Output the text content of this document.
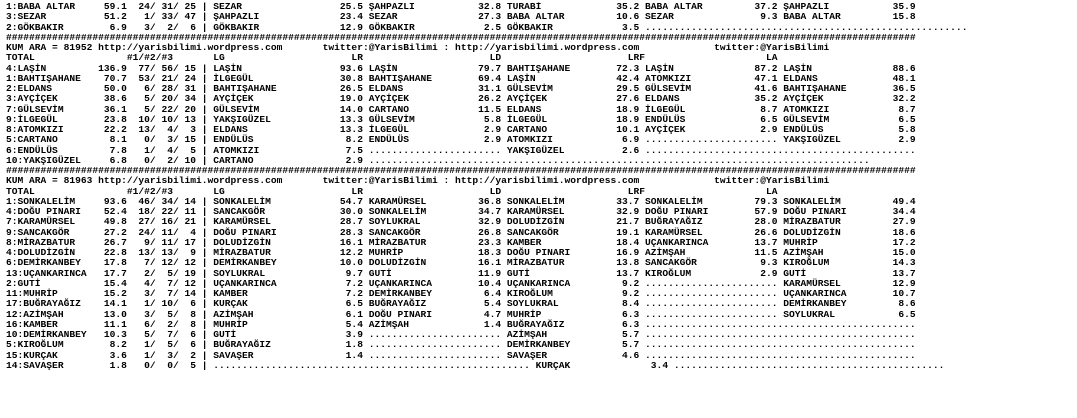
1:BABA ALTAR     59.1  24/ 31/ 25 | SEZAR                 25.5 ŞAHPAZLI           32.8 TURABİ             35.2 BABA ALTAR         37.2 ŞAHPAZLI           35.9
3:SEZAR          51.2   1/ 33/ 47 | ŞAHPAZLI              23.4 SEZAR              27.3 BABA ALTAR         10.6 SEZAR               9.3 BABA ALTAR         15.8
2:GÖKBAKIR        6.9   3/  2/  6 | GÖKBAKIR              12.9 GÖKBAKIR            2.5 GÖKBAKIR            3.5 ........................................................
##############################################################################################################################################################
KUM ARA = 81952 http://yarisbilimi.wordpress.com       twitter:@YarisBilimi : http://yarisbilimi.wordpress.com             twitter:@YarisBilimi
TOTAL                #1/#2/#3       LG                      LR                      LD                      LRF                     LA
4:LAŞİN         136.9  77/ 56/ 15 | LAŞİN                 93.6 LAŞİN              79.7 BAHTIŞAHANE        72.3 LAŞİN              87.2 LAŞİN              88.6
1:BAHTIŞAHANE    70.7  53/ 21/ 24 | İLGEGÜL               30.8 BAHTIŞAHANE        69.4 LAŞİN              42.4 ATOMKIZI           47.1 ELDANS             48.1
2:ELDANS         50.0   6/ 28/ 31 | BAHTIŞAHANE           26.5 ELDANS             31.1 GÜLSEVİM           29.5 GÜLSEVİM           41.6 BAHTIŞAHANE        36.5
3:AYÇİÇEK        38.6   5/ 20/ 34 | AYÇİÇEK               19.0 AYÇİÇEK            26.2 AYÇİÇEK            27.6 ELDANS             35.2 AYÇİÇEK            32.2
7:GÜLSEVİM       36.1   5/ 22/ 20 | GÜLSEVİM              14.0 CARTANO            11.5 ELDANS             18.9 İLGEGÜL             8.7 ATOMKIZI            8.7
9:İLGEGÜL        23.8  10/ 10/ 13 | YAKŞIGÜZEL            13.3 GÜLSEVİM            5.8 İLGEGÜL            18.9 ENDÜLÜS             6.5 GÜLSEVİM            6.5
8:ATOMKIZI       22.2  13/  4/  3 | ELDANS                13.3 İLGEGÜL             2.9 CARTANO            10.1 AYÇİÇEK             2.9 ENDÜLÜS             5.8
5:CARTANO         8.1   0/  3/ 15 | ENDÜLÜS                8.2 ENDÜLÜS             2.9 ATOMKIZI            6.9 ....................... YAKŞIGÜZEL          2.9
6:ENDÜLÜS         7.8   1/  4/  5 | ATOMKIZI               7.5 ....................... YAKŞIGÜZEL          2.6 ...............................................
10:YAKŞIGÜZEL     6.8   0/  2/ 10 | CARTANO                2.9 .......................................................................................
##############################################################################################################################################################
KUM ARA = 81963 http://yarisbilimi.wordpress.com       twitter:@YarisBilimi : http://yarisbilimi.wordpress.com             twitter:@YarisBilimi
TOTAL                #1/#2/#3       LG                      LR                      LD                      LRF                     LA
1:SONKALELİM     93.6  46/ 34/ 14 | SONKALELİM            54.7 KARAMÜRSEL         36.8 SONKALELİM         33.7 SONKALELİM         79.3 SONKALELİM         49.4
4:DOĞU PINARI    52.4  18/ 22/ 11 | SANCAKGÖR             30.0 SONKALELİM         34.7 KARAMÜRSEL         32.9 DOĞU PINARI        57.9 DOĞU PINARI        34.4
7:KARAMÜRSEL     49.8  27/ 16/ 21 | KARAMÜRSEL            28.7 SOYLUKRAL          32.9 DOLUDİZGİN         21.7 BUĞRAYAĞIZ         28.0 MİRAZBATUR         27.9
9:SANCAKGÖR      27.2  24/ 11/  4 | DOĞU PINARI           28.3 SANCAKGÖR          26.8 SANCAKGÖR          19.1 KARAMÜRSEL         26.6 DOLUDİZGİN         18.6
8:MİRAZBATUR     26.7   9/ 11/ 17 | DOLUDİZGİN            16.1 MİRAZBATUR         23.3 KAMBER             18.4 UÇANKARINCA        13.7 MUHRİP             17.2
4:DOLUDİZGİN     22.8  13/ 13/  9 | MİRAZBATUR            12.2 MUHRİP             18.3 DOĞU PINARI        16.9 AZİMŞAH            11.5 AZİMŞAH            15.0
6:DEMİRKANBEY    17.8   7/ 12/ 12 | DEMİRKANBEY           10.0 DOLUDİZGİN         16.1 MİRAZBATUR         13.8 SANCAKGÖR           9.3 KIROĞLUM           14.3
13:UÇANKARINCA   17.7   2/  5/ 19 | SOYLUKRAL              9.7 GUTİ               11.9 GUTİ               13.7 KIROĞLUM            2.9 GUTİ               13.7
2:GUTİ           15.4   4/  7/ 12 | UÇANKARINCA            7.2 UÇANKARINCA        10.4 UÇANKARINCA         9.2 ....................... KARAMÜRSEL         12.9
11:MUHRİP        15.2   3/  7/ 14 | KAMBER                 7.2 DEMİRKANBEY         6.4 KIROĞLUM            9.2 ....................... UÇANKARINCA        10.7
17:BUĞRAYAĞIZ    14.1   1/ 10/  6 | KURÇAK                 6.5 BUĞRAYAĞIZ          5.4 SOYLUKRAL           8.4 ....................... DEMİRKANBEY         8.6
12:AZİMŞAH       13.0   3/  5/  8 | AZİMŞAH                6.1 DOĞU PINARI         4.7 MUHRİP              6.3 ....................... SOYLUKRAL           6.5
16:KAMBER        11.1   6/  2/  8 | MUHRİP                 5.4 AZİMŞAH             1.4 BUĞRAYAĞIZ          6.3 ...............................................
10:DEMİRKANBEY   10.3   5/  7/  6 | GUTİ                   3.9 ....................... AZİMŞAH             5.7 ...............................................
5:KIROĞLUM        8.2   1/  5/  6 | BUĞRAYAĞIZ             1.8 ....................... DEMİRKANBEY         5.7 ...............................................
15:KURÇAK         3.6   1/  3/  2 | SAVAŞER                1.4 ....................... SAVAŞER             4.6 ...............................................
14:SAVAŞER        1.8   0/  0/  5 | ....................................................... KURÇAK              3.4 ...............................................
